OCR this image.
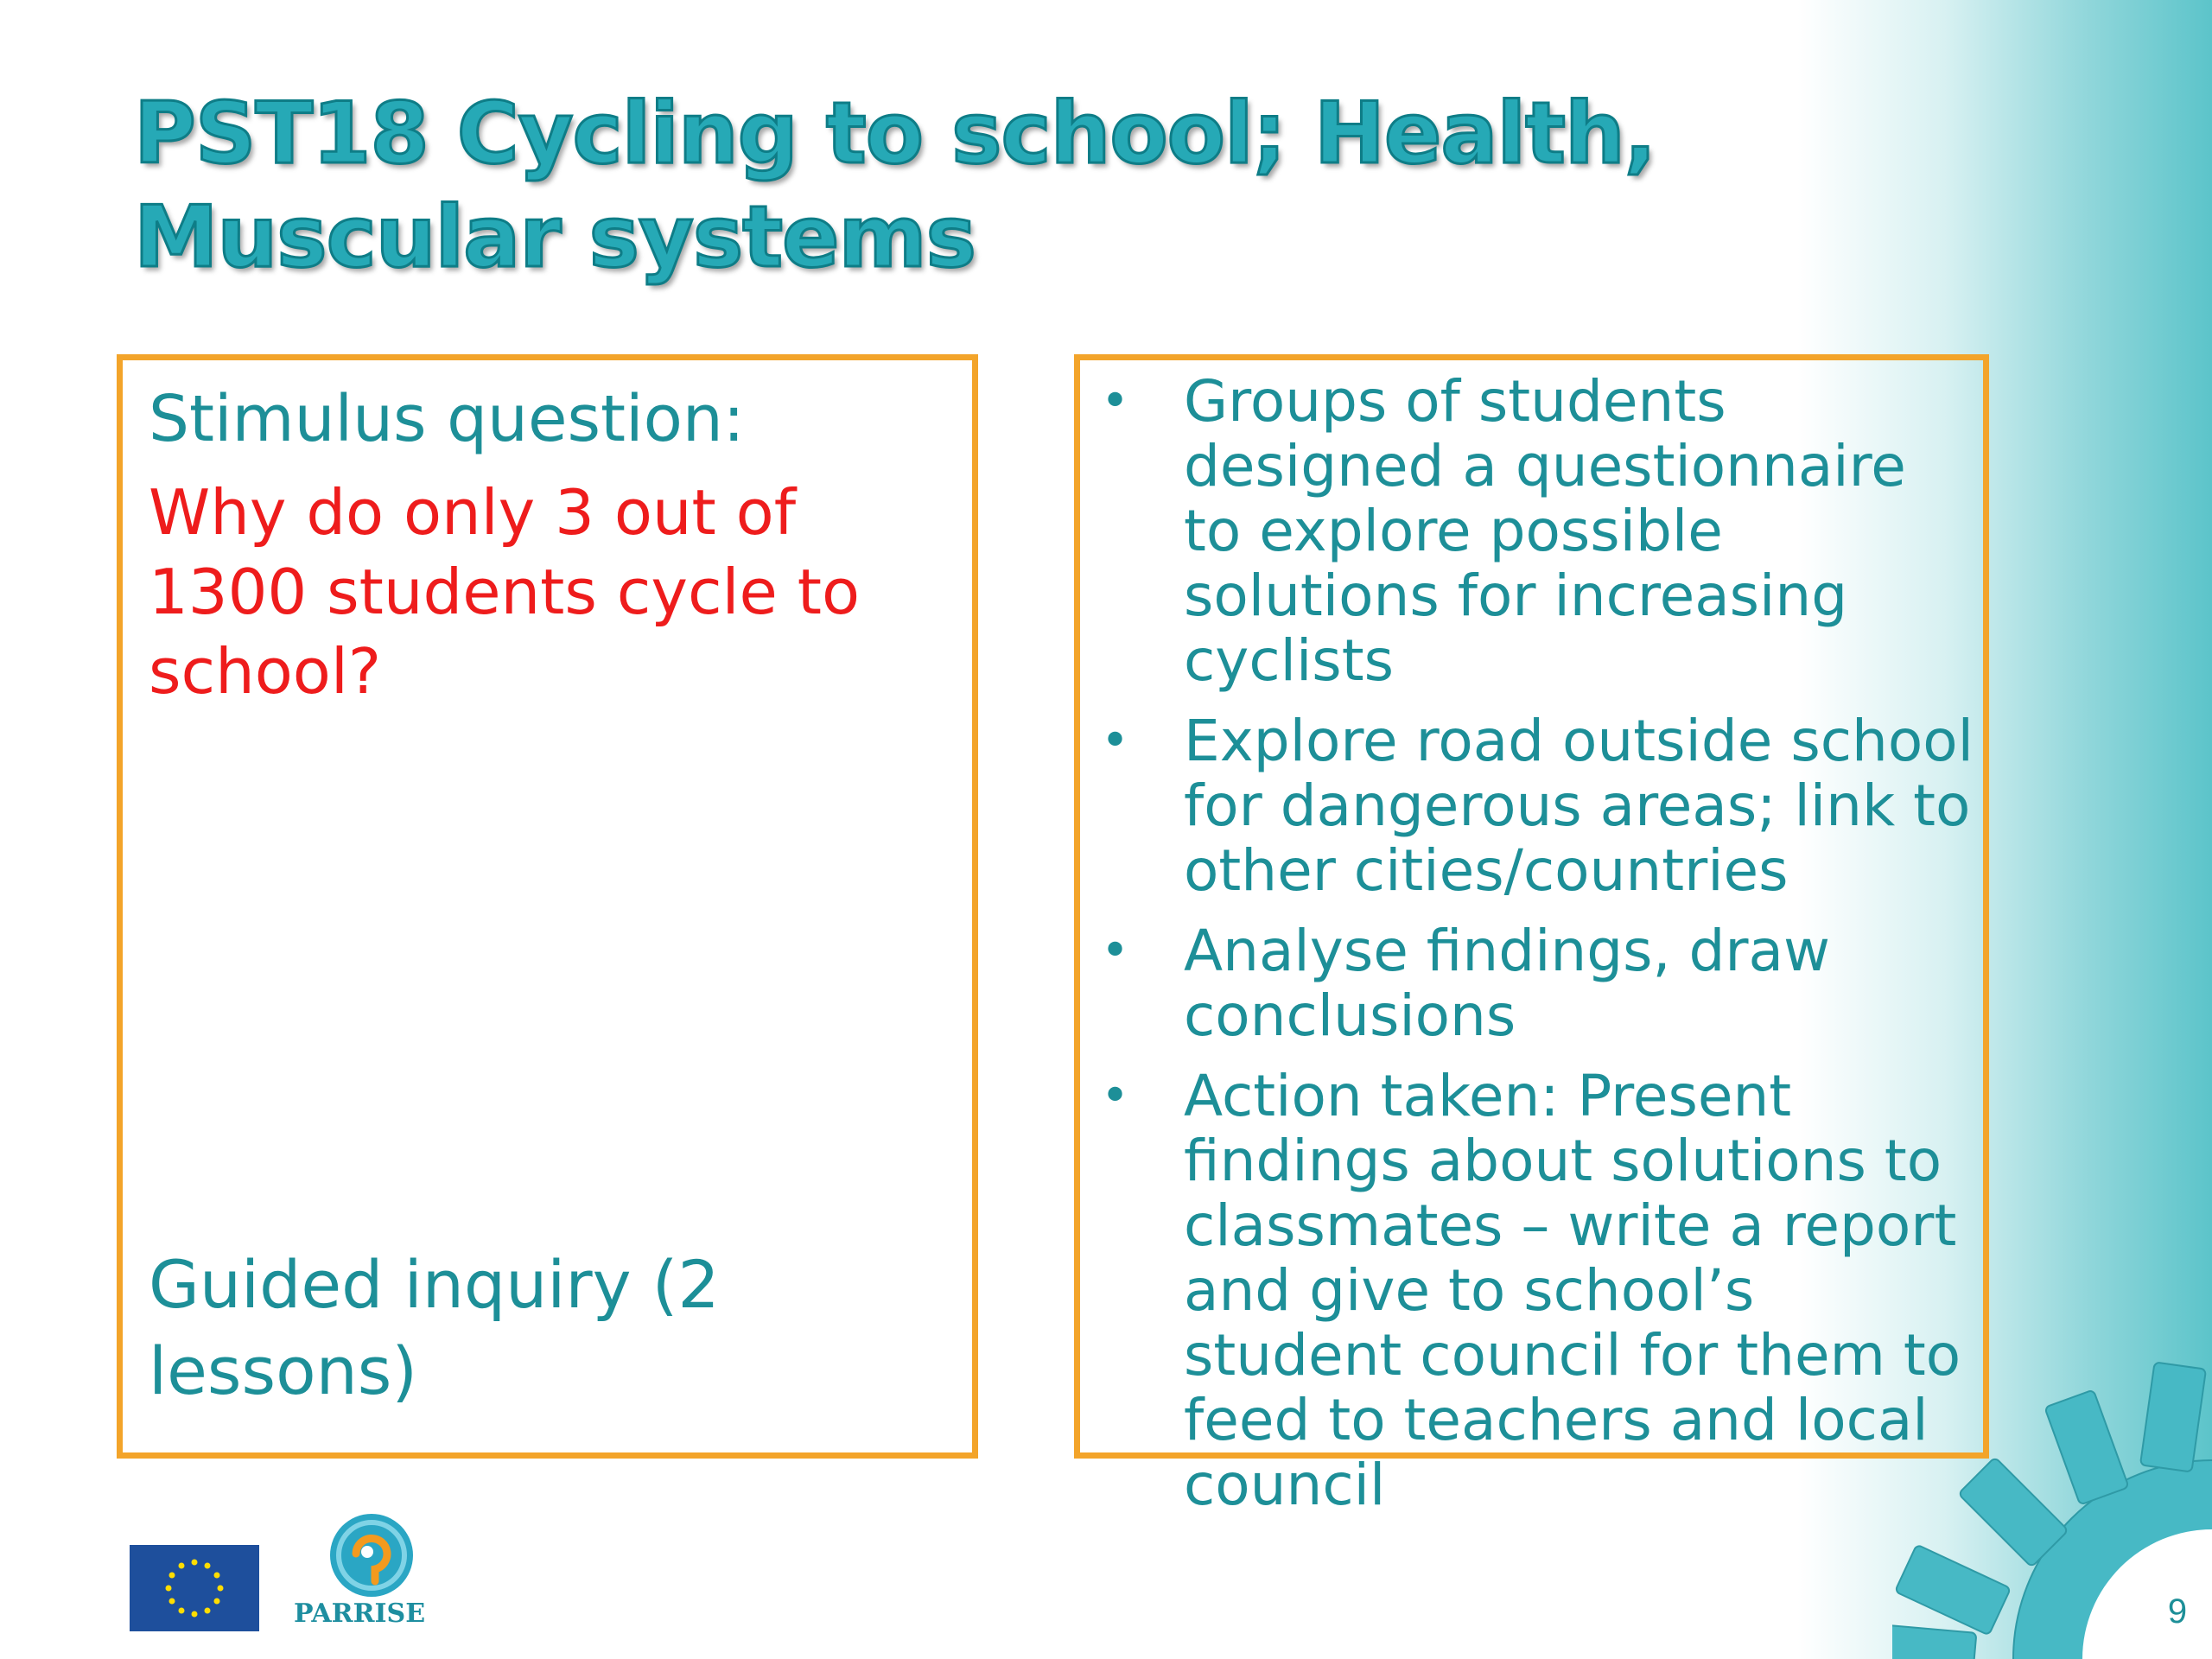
PST18 Cycling to school; Health, Muscular systems
Stimulus question:
Why do only 3 out of 1300 students cycle to school?
Guided inquiry (2 lessons)
• Groups of students designed a questionnaire to explore possible solutions for increasing cyclists
• Explore road outside school for dangerous areas; link to other cities/countries
• Analyse findings, draw conclusions
• Action taken: Present findings about solutions to classmates – write a report and give to school’s student council for them to feed to teachers and local council
PARRISE	9
